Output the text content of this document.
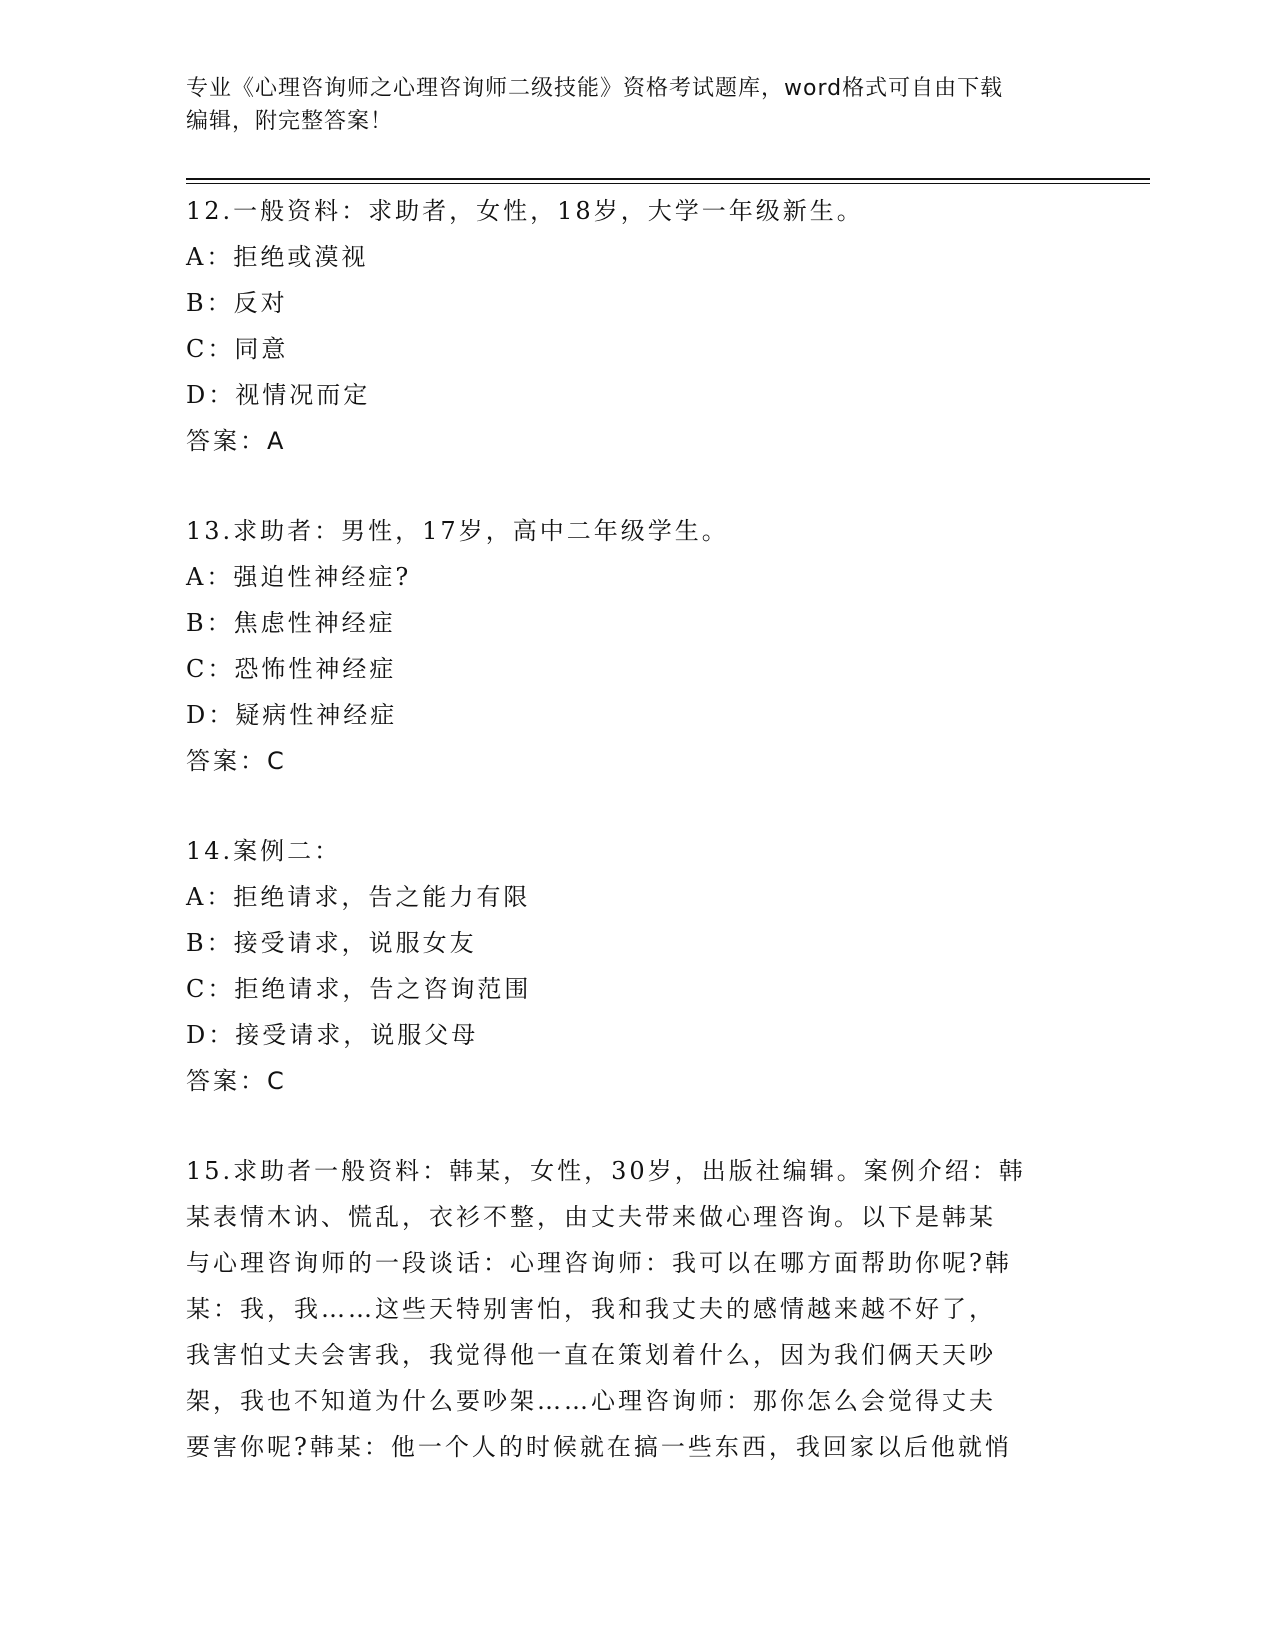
专业《心理咨询师之心理咨询师二级技能》资格考试题库，word格式可自由下载
编辑，附完整答案！
12.一般资料：求助者，女性，18岁，大学一年级新生。
A：拒绝或漠视
B：反对
C：同意
D：视情况而定
答案：A
13.求助者：男性，17岁，高中二年级学生。
A：强迫性神经症?
B：焦虑性神经症
C：恐怖性神经症
D：疑病性神经症
答案：C
14.案例二：
A：拒绝请求，告之能力有限
B：接受请求，说服女友
C：拒绝请求，告之咨询范围
D：接受请求，说服父母
答案：C
15.求助者一般资料：韩某，女性，30岁，出版社编辑。案例介绍：韩
某表情木讷、慌乱，衣衫不整，由丈夫带来做心理咨询。以下是韩某
与心理咨询师的一段谈话：心理咨询师：我可以在哪方面帮助你呢?韩
某：我，我……这些天特别害怕，我和我丈夫的感情越来越不好了，
我害怕丈夫会害我，我觉得他一直在策划着什么，因为我们俩天天吵
架，我也不知道为什么要吵架……心理咨询师：那你怎么会觉得丈夫
要害你呢?韩某：他一个人的时候就在搞一些东西，我回家以后他就悄
